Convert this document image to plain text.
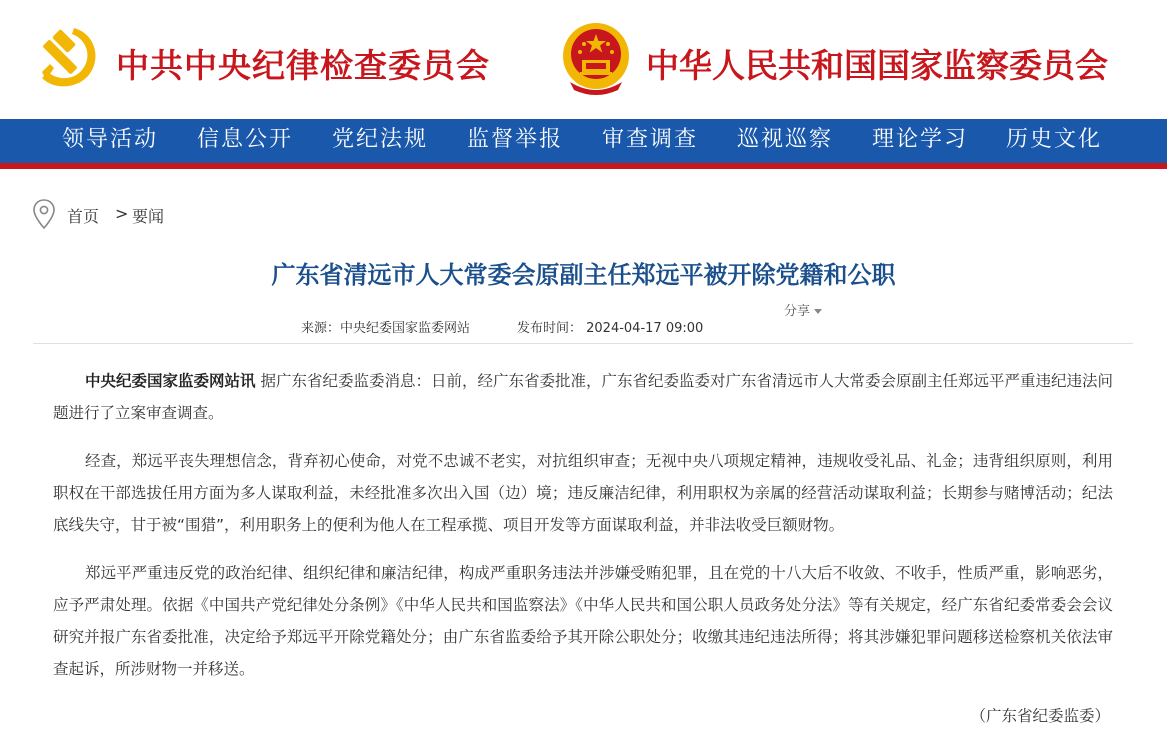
中共中央纪律检查委员会	中华人民共和国国家监察委员会
领导活动 信息公开 党纪法规 监督举报 审查调查 巡视巡察 理论学习 历史文化
首页 > 要闻
广东省清远市人大常委会原副主任郑远平被开除党籍和公职
分享
来源：中央纪委国家监委网站	发布时间： 2024-04-17 09:00

中央纪委国家监委网站讯 据广东省纪委监委消息：日前，经广东省委批准，广东省纪委监委对广东省清远市人大常委会原副主任郑远平严重违纪违法问题进行了立案审查调查。

经查，郑远平丧失理想信念，背弃初心使命，对党不忠诚不老实，对抗组织审查；无视中央八项规定精神，违规收受礼品、礼金；违背组织原则，利用职权在干部选拔任用方面为多人谋取利益，未经批准多次出入国（边）境；违反廉洁纪律，利用职权为亲属的经营活动谋取利益；长期参与赌博活动；纪法底线失守，甘于被“围猎”，利用职务上的便利为他人在工程承揽、项目开发等方面谋取利益，并非法收受巨额财物。

郑远平严重违反党的政治纪律、组织纪律和廉洁纪律，构成严重职务违法并涉嫌受贿犯罪，且在党的十八大后不收敛、不收手，性质严重，影响恶劣，应予严肃处理。依据《中国共产党纪律处分条例》《中华人民共和国监察法》《中华人民共和国公职人员政务处分法》等有关规定，经广东省纪委常委会会议研究并报广东省委批准，决定给予郑远平开除党籍处分；由广东省监委给予其开除公职处分；收缴其违纪违法所得；将其涉嫌犯罪问题移送检察机关依法审查起诉，所涉财物一并移送。

（广东省纪委监委）
